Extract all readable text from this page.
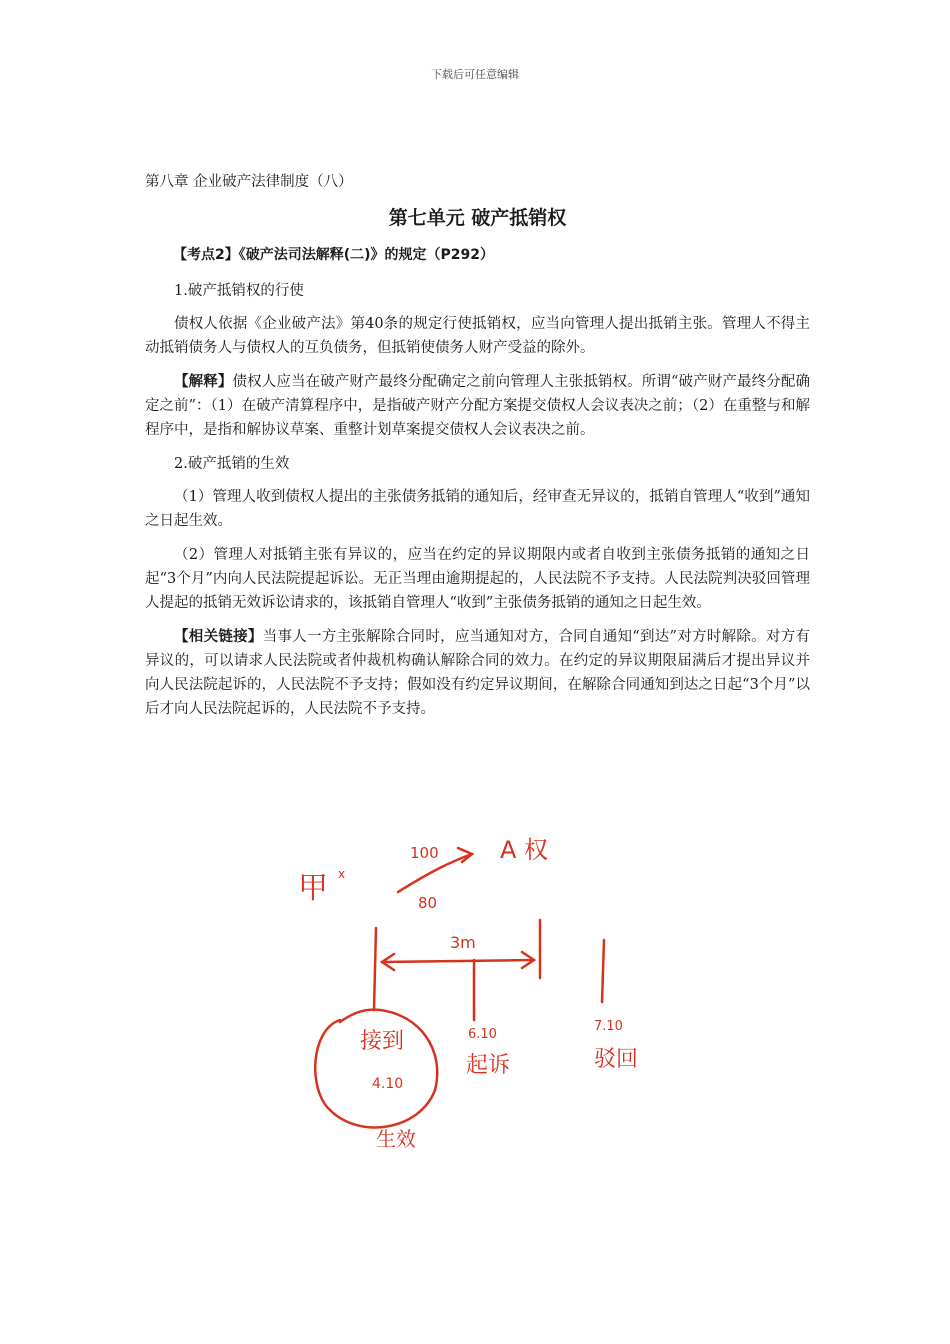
下载后可任意编辑
第八章 企业破产法律制度（八）
第七单元 破产抵销权
【考点2】《破产法司法解释(二)》的规定（P292）
1.破产抵销权的行使

债权人依据《企业破产法》第40条的规定行使抵销权，应当向管理人提出抵销主张。管理人不得主动抵销债务人与债权人的互负债务，但抵销使债务人财产受益的除外。

【解释】债权人应当在破产财产最终分配确定之前向管理人主张抵销权。所谓“破产财产最终分配确定之前”：（1）在破产清算程序中，是指破产财产分配方案提交债权人会议表决之前；（2）在重整与和解程序中，是指和解协议草案、重整计划草案提交债权人会议表决之前。

2.破产抵销的生效

（1）管理人收到债权人提出的主张债务抵销的通知后，经审查无异议的，抵销自管理人“收到”通知之日起生效。

（2）管理人对抵销主张有异议的，应当在约定的异议期限内或者自收到主张债务抵销的通知之日起“3个月”内向人民法院提起诉讼。无正当理由逾期提起的，人民法院不予支持。人民法院判决驳回管理人提起的抵销无效诉讼请求的，该抵销自管理人“收到”主张债务抵销的通知之日起生效。

【相关链接】当事人一方主张解除合同时，应当通知对方，合同自通知“到达”对方时解除。对方有异议的，可以请求人民法院或者仲裁机构确认解除合同的效力。在约定的异议期限届满后才提出异议并向人民法院起诉的，人民法院不予支持；假如没有约定异议期间，在解除合同通知到达之日起“3个月”以后才向人民法院起诉的，人民法院不予支持。

甲 x
100
80
A 权
3m
接到
4.10
生效
6.10
起诉
7.10
驳回
